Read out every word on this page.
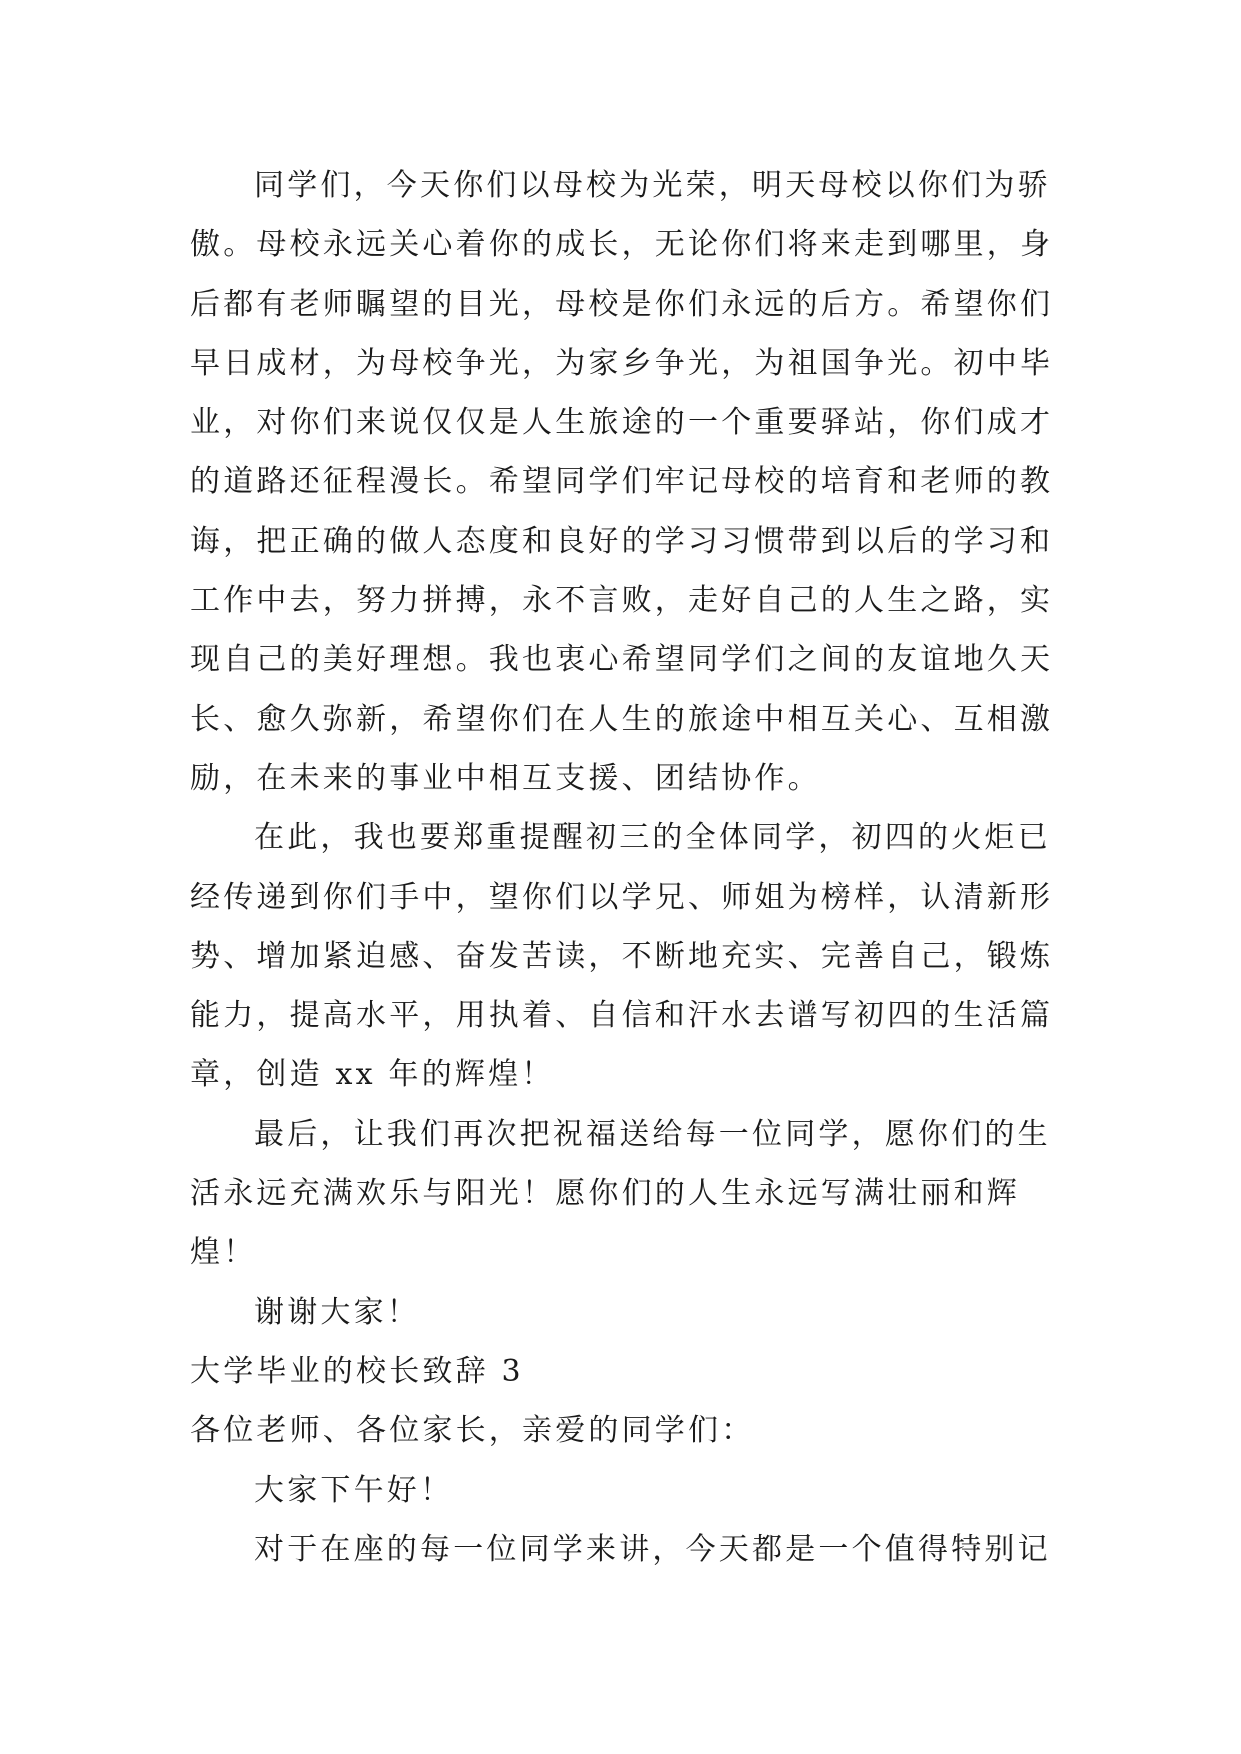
同学们，今天你们以母校为光荣，明天母校以你们为骄
傲。母校永远关心着你的成长，无论你们将来走到哪里，身
后都有老师瞩望的目光，母校是你们永远的后方。希望你们
早日成材，为母校争光，为家乡争光，为祖国争光。初中毕
业，对你们来说仅仅是人生旅途的一个重要驿站，你们成才
的道路还征程漫长。希望同学们牢记母校的培育和老师的教
诲，把正确的做人态度和良好的学习习惯带到以后的学习和
工作中去，努力拼搏，永不言败，走好自己的人生之路，实
现自己的美好理想。我也衷心希望同学们之间的友谊地久天
长、愈久弥新，希望你们在人生的旅途中相互关心、互相激
励，在未来的事业中相互支援、团结协作。
在此，我也要郑重提醒初三的全体同学，初四的火炬已
经传递到你们手中，望你们以学兄、师姐为榜样，认清新形
势、增加紧迫感、奋发苦读，不断地充实、完善自己，锻炼
能力，提高水平，用执着、自信和汗水去谱写初四的生活篇
章，创造 xx 年的辉煌！
最后，让我们再次把祝福送给每一位同学，愿你们的生
活永远充满欢乐与阳光！愿你们的人生永远写满壮丽和辉
煌！
谢谢大家！
大学毕业的校长致辞 3
各位老师、各位家长，亲爱的同学们：
大家下午好！
对于在座的每一位同学来讲，今天都是一个值得特别记
